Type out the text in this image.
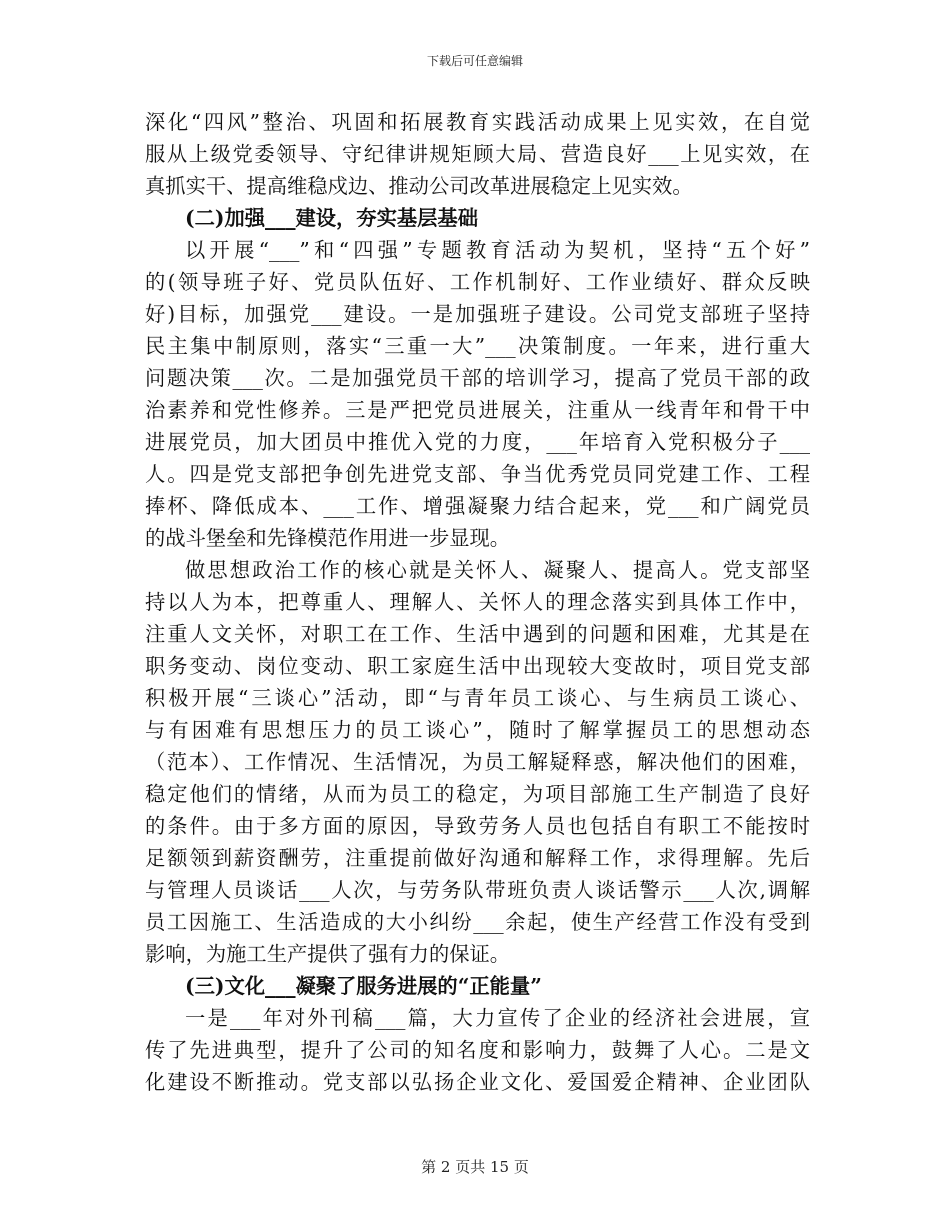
下载后可任意编辑
深化“四风”整治、巩固和拓展教育实践活动成果上见实效，在自觉
服从上级党委领导、守纪律讲规矩顾大局、营造良好___上见实效，在
真抓实干、提高维稳戍边、推动公司改革进展稳定上见实效。
(二)加强___建设，夯实基层基础
以开展“___”和“四强”专题教育活动为契机，坚持“五个好”
的(领导班子好、党员队伍好、工作机制好、工作业绩好、群众反映
好)目标，加强党___建设。一是加强班子建设。公司党支部班子坚持
民主集中制原则，落实“三重一大”___决策制度。一年来，进行重大
问题决策___次。二是加强党员干部的培训学习，提高了党员干部的政
治素养和党性修养。三是严把党员进展关，注重从一线青年和骨干中
进展党员，加大团员中推优入党的力度，___年培育入党积极分子___
人。四是党支部把争创先进党支部、争当优秀党员同党建工作、工程
捧杯、降低成本、___工作、增强凝聚力结合起来，党___和广阔党员
的战斗堡垒和先锋模范作用进一步显现。
做思想政治工作的核心就是关怀人、凝聚人、提高人。党支部坚
持以人为本，把尊重人、理解人、关怀人的理念落实到具体工作中，
注重人文关怀，对职工在工作、生活中遇到的问题和困难，尤其是在
职务变动、岗位变动、职工家庭生活中出现较大变故时，项目党支部
积极开展“三谈心”活动，即“与青年员工谈心、与生病员工谈心、
与有困难有思想压力的员工谈心”，随时了解掌握员工的思想动态
（范本）、工作情况、生活情况，为员工解疑释惑，解决他们的困难，
稳定他们的情绪，从而为员工的稳定，为项目部施工生产制造了良好
的条件。由于多方面的原因，导致劳务人员也包括自有职工不能按时
足额领到薪资酬劳，注重提前做好沟通和解释工作，求得理解。先后
与管理人员谈话___人次，与劳务队带班负责人谈话警示___人次,调解
员工因施工、生活造成的大小纠纷___余起，使生产经营工作没有受到
影响，为施工生产提供了强有力的保证。
(三)文化___凝聚了服务进展的“正能量”
一是___年对外刊稿___篇，大力宣传了企业的经济社会进展，宣
传了先进典型，提升了公司的知名度和影响力，鼓舞了人心。二是文
化建设不断推动。党支部以弘扬企业文化、爱国爱企精神、企业团队
第 2 页共 15 页
